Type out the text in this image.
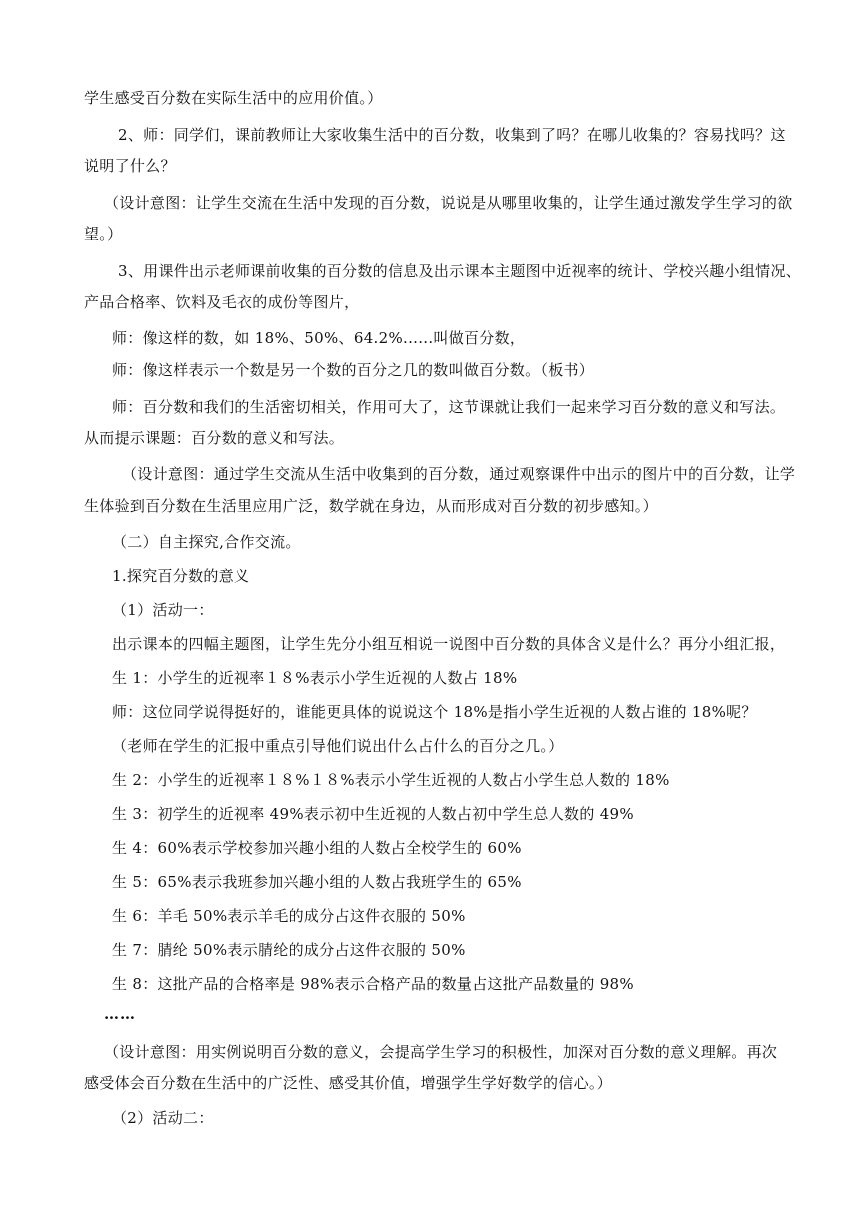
学生感受百分数在实际生活中的应用价值。）
2、师：同学们，课前教师让大家收集生活中的百分数，收集到了吗？在哪儿收集的？容易找吗？这
说明了什么？
（设计意图：让学生交流在生活中发现的百分数，说说是从哪里收集的，让学生通过激发学生学习的欲
望。）
3、用课件出示老师课前收集的百分数的信息及出示课本主题图中近视率的统计、学校兴趣小组情况、
产品合格率、饮料及毛衣的成份等图片，
师：像这样的数，如 18%、50%、64.2%......叫做百分数，
师：像这样表示一个数是另一个数的百分之几的数叫做百分数。（板书）
师：百分数和我们的生活密切相关，作用可大了，这节课就让我们一起来学习百分数的意义和写法。
从而提示课题：百分数的意义和写法。
（设计意图：通过学生交流从生活中收集到的百分数，通过观察课件中出示的图片中的百分数，让学
生体验到百分数在生活里应用广泛，数学就在身边，从而形成对百分数的初步感知。）
（二）自主探究,合作交流。
1.探究百分数的意义
（1）活动一：
出示课本的四幅主题图，让学生先分小组互相说一说图中百分数的具体含义是什么？再分小组汇报，
生 1：小学生的近视率１８%表示小学生近视的人数占 18%
师：这位同学说得挺好的，谁能更具体的说说这个 18%是指小学生近视的人数占谁的 18%呢？
（老师在学生的汇报中重点引导他们说出什么占什么的百分之几。）
生 2：小学生的近视率１８%１８%表示小学生近视的人数占小学生总人数的 18%
生 3：初学生的近视率 49%表示初中生近视的人数占初中学生总人数的 49%
生 4：60%表示学校参加兴趣小组的人数占全校学生的 60%
生 5：65%表示我班参加兴趣小组的人数占我班学生的 65%
生 6：羊毛 50%表示羊毛的成分占这件衣服的 50%
生 7：腈纶 50%表示腈纶的成分占这件衣服的 50%
生 8：这批产品的合格率是 98%表示合格产品的数量占这批产品数量的 98%
……
（设计意图：用实例说明百分数的意义，会提高学生学习的积极性，加深对百分数的意义理解。再次
感受体会百分数在生活中的广泛性、感受其价值，增强学生学好数学的信心。）
（2）活动二：
